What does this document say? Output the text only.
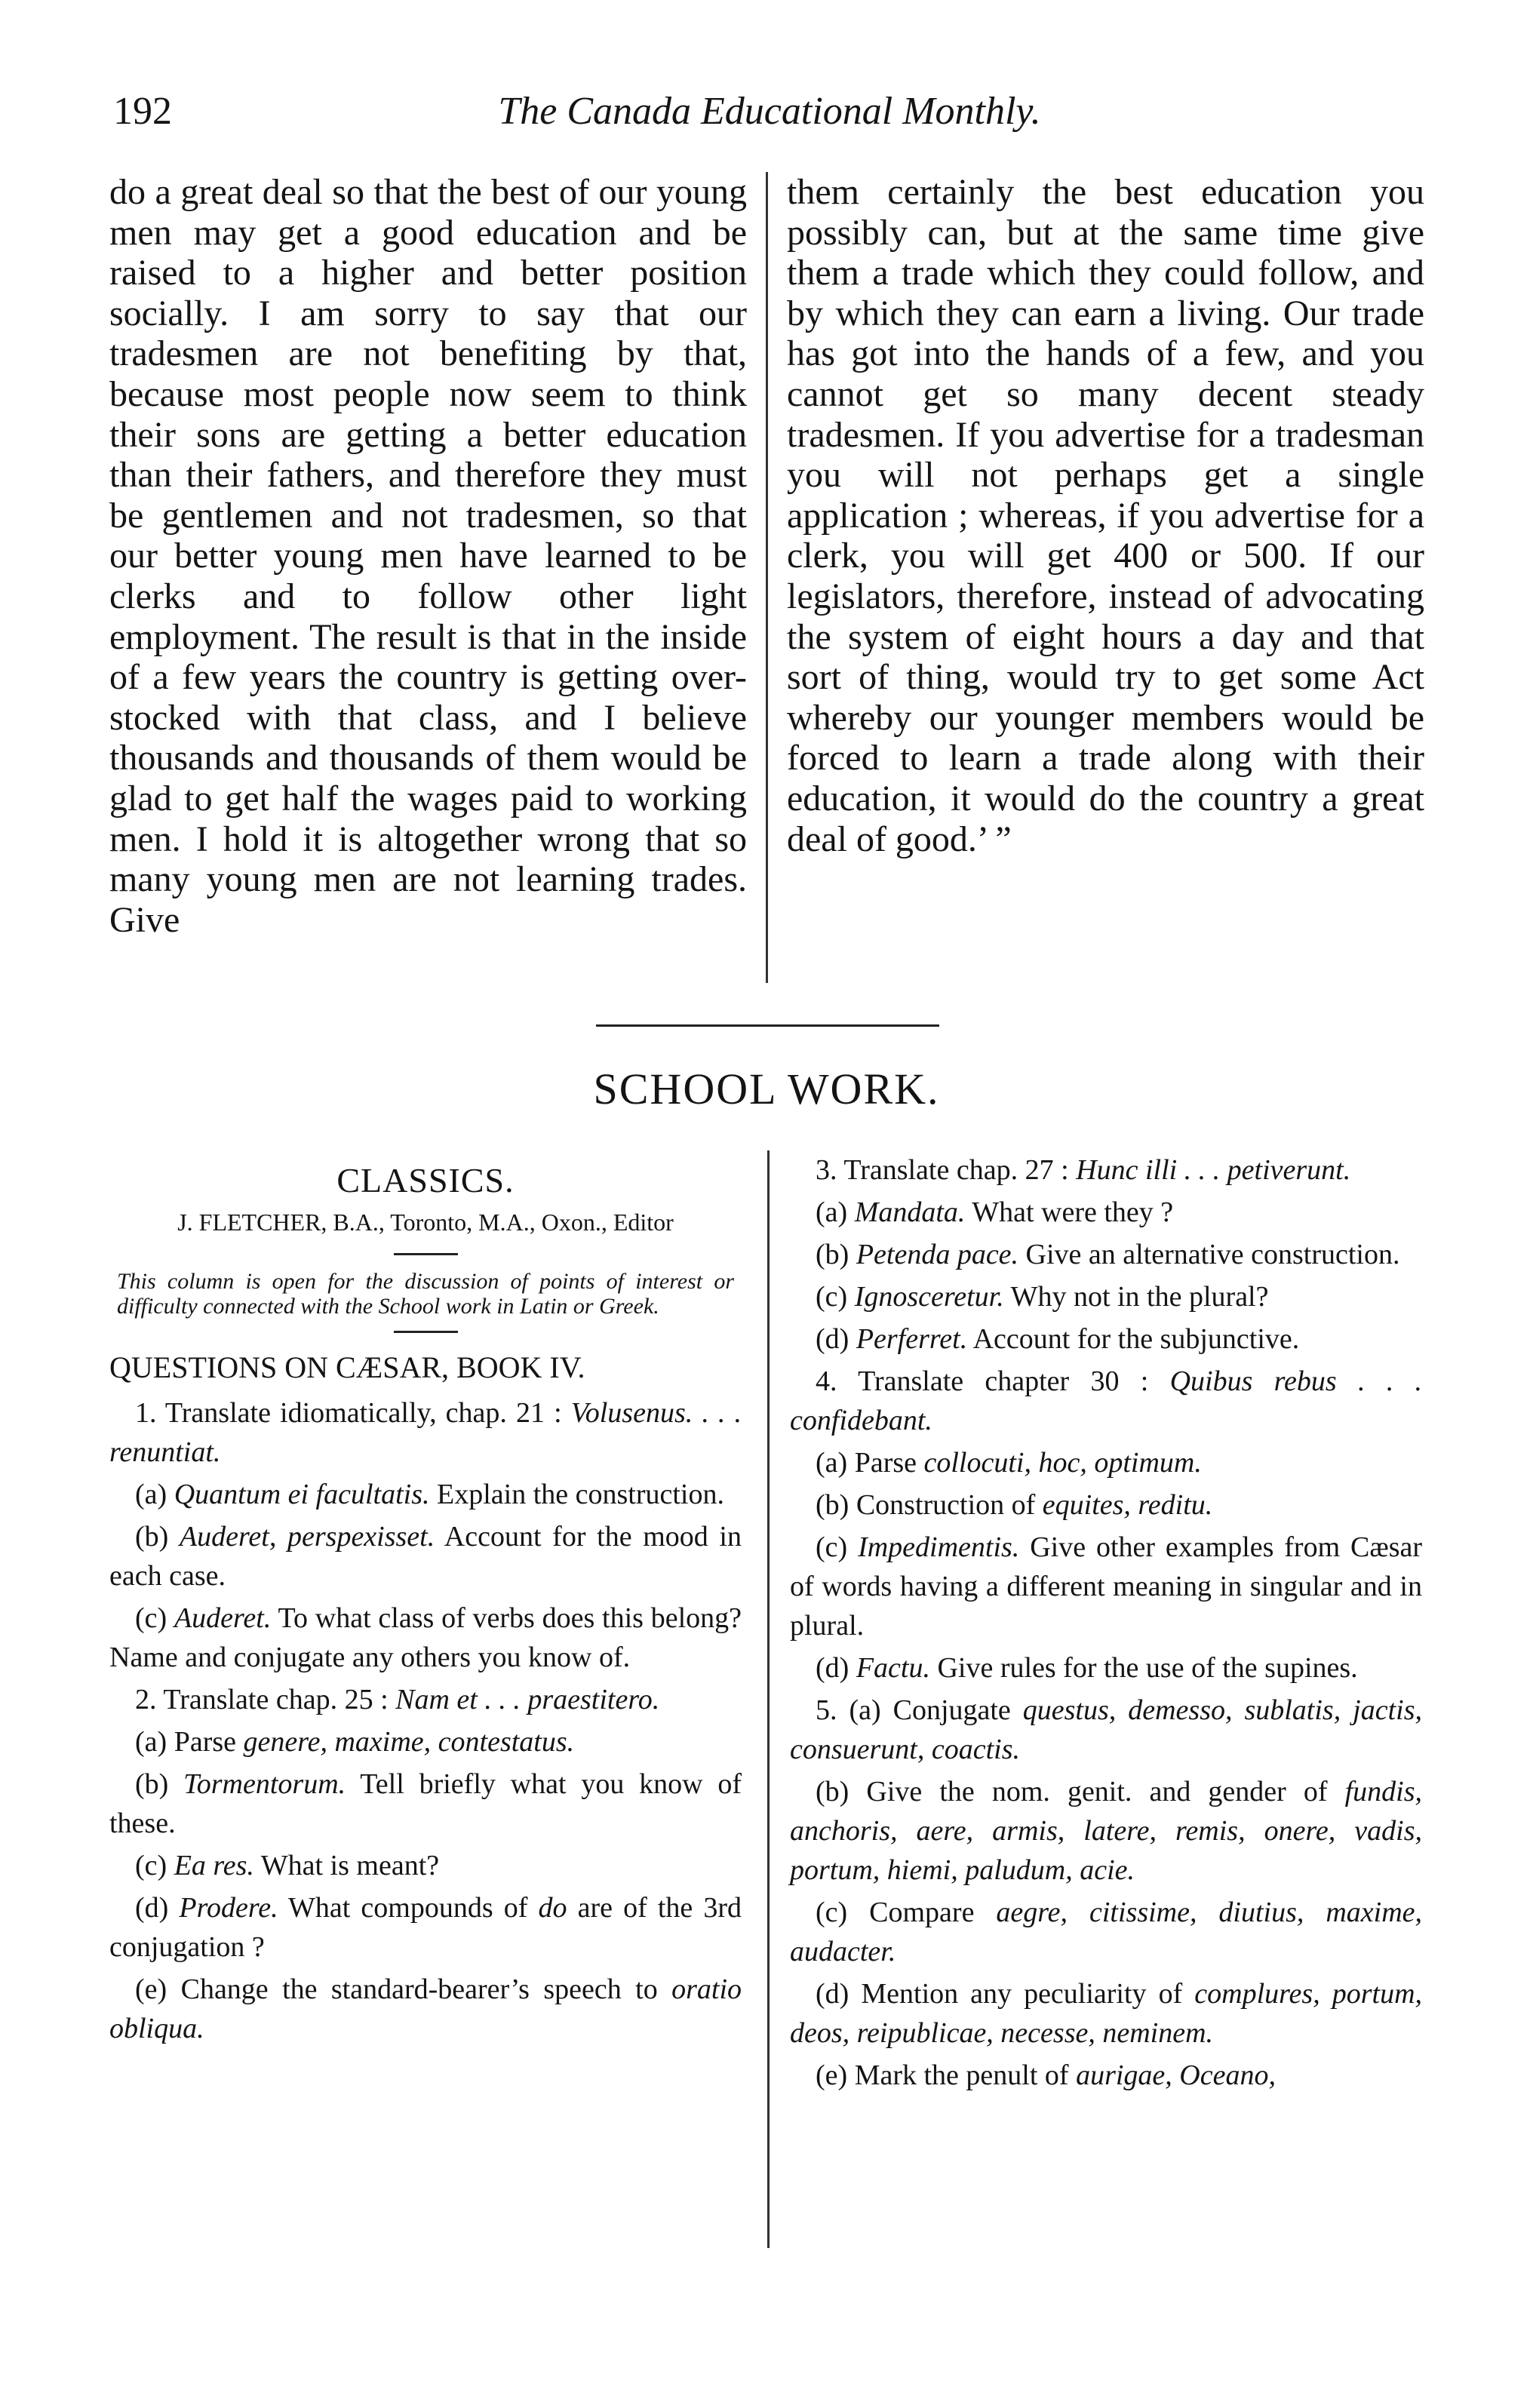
192	The Canada Educational Monthly.

do a great deal so that the best of our young men may get a good education and be raised to a higher and better position socially. I am sorry to say that our tradesmen are not benefiting by that, because most people now seem to think their sons are getting a better education than their fathers, and therefore they must be gentlemen and not tradesmen, so that our better young men have learned to be clerks and to follow other light employment. The result is that in the inside of a few years the country is getting over-stocked with that class, and I believe thousands and thousands of them would be glad to get half the wages paid to working men. I hold it is altogether wrong that so many young men are not learning trades. Give

them certainly the best education you possibly can, but at the same time give them a trade which they could follow, and by which they can earn a living. Our trade has got into the hands of a few, and you cannot get so many decent steady tradesmen. If you advertise for a tradesman you will not perhaps get a single application ; whereas, if you advertise for a clerk, you will get 400 or 500. If our legislators, therefore, instead of advocating the system of eight hours a day and that sort of thing, would try to get some Act whereby our younger members would be forced to learn a trade along with their education, it would do the country a great deal of good.’ ”

SCHOOL WORK.
CLASSICS.
J. FLETCHER, B.A., Toronto, M.A., Oxon., Editor
This column is open for the discussion of points of interest or difficulty connected with the School work in Latin or Greek.
QUESTIONS ON CÆSAR, BOOK IV.

1. Translate idiomatically, chap. 21 : Volusenus. . . . renuntiat.

(a) Quantum ei facultatis. Explain the construction.

(b) Auderet, perspexisset. Account for the mood in each case.

(c) Auderet. To what class of verbs does this belong? Name and conjugate any others you know of.

2. Translate chap. 25 : Nam et . . . praestitero.

(a) Parse genere, maxime, contestatus.

(b) Tormentorum. Tell briefly what you know of these.

(c) Ea res. What is meant?

(d) Prodere. What compounds of do are of the 3rd conjugation ?

(e) Change the standard-bearer’s speech to oratio obliqua.

3. Translate chap. 27 : Hunc illi . . . petiverunt.

(a) Mandata. What were they ?

(b) Petenda pace. Give an alternative construction.

(c) Ignosceretur. Why not in the plural?

(d) Perferret. Account for the subjunctive.

4. Translate chapter 30 : Quibus rebus . . . confidebant.

(a) Parse collocuti, hoc, optimum.

(b) Construction of equites, reditu.

(c) Impedimentis. Give other examples from Cæsar of words having a different meaning in singular and in plural.

(d) Factu. Give rules for the use of the supines.

5. (a) Conjugate questus, demesso, sublatis, jactis, consuerunt, coactis.

(b) Give the nom. genit. and gender of fundis, anchoris, aere, armis, latere, remis, onere, vadis, portum, hiemi, paludum, acie.

(c) Compare aegre, citissime, diutius, maxime, audacter.

(d) Mention any peculiarity of complures, portum, deos, reipublicae, necesse, neminem.

(e) Mark the penult of aurigae, Oceano,
